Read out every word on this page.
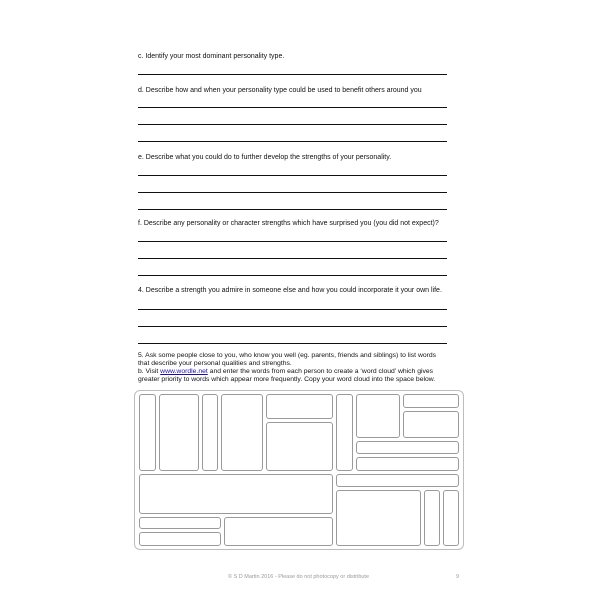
c. Identify your most dominant personality type.
d. Describe how and when your personality type could be used to benefit others around you
e. Describe what you could do to further develop the strengths of your personality.
f. Describe any personality or character strengths which have surprised you (you did not expect)?
4. Describe a strength you admire in someone else and how you could incorporate it your own life.

5. Ask some people close to you, who know you well (eg. parents, friends and siblings) to list words

that describe your personal qualities and strengths.

b. Visit www.wordle.net and enter the words from each person to create a ‘word cloud’ which gives

greater priority to words which appear more frequently. Copy your word cloud into the space below.

© S D Martin 2016 - Please do not photocopy or distribute	9
